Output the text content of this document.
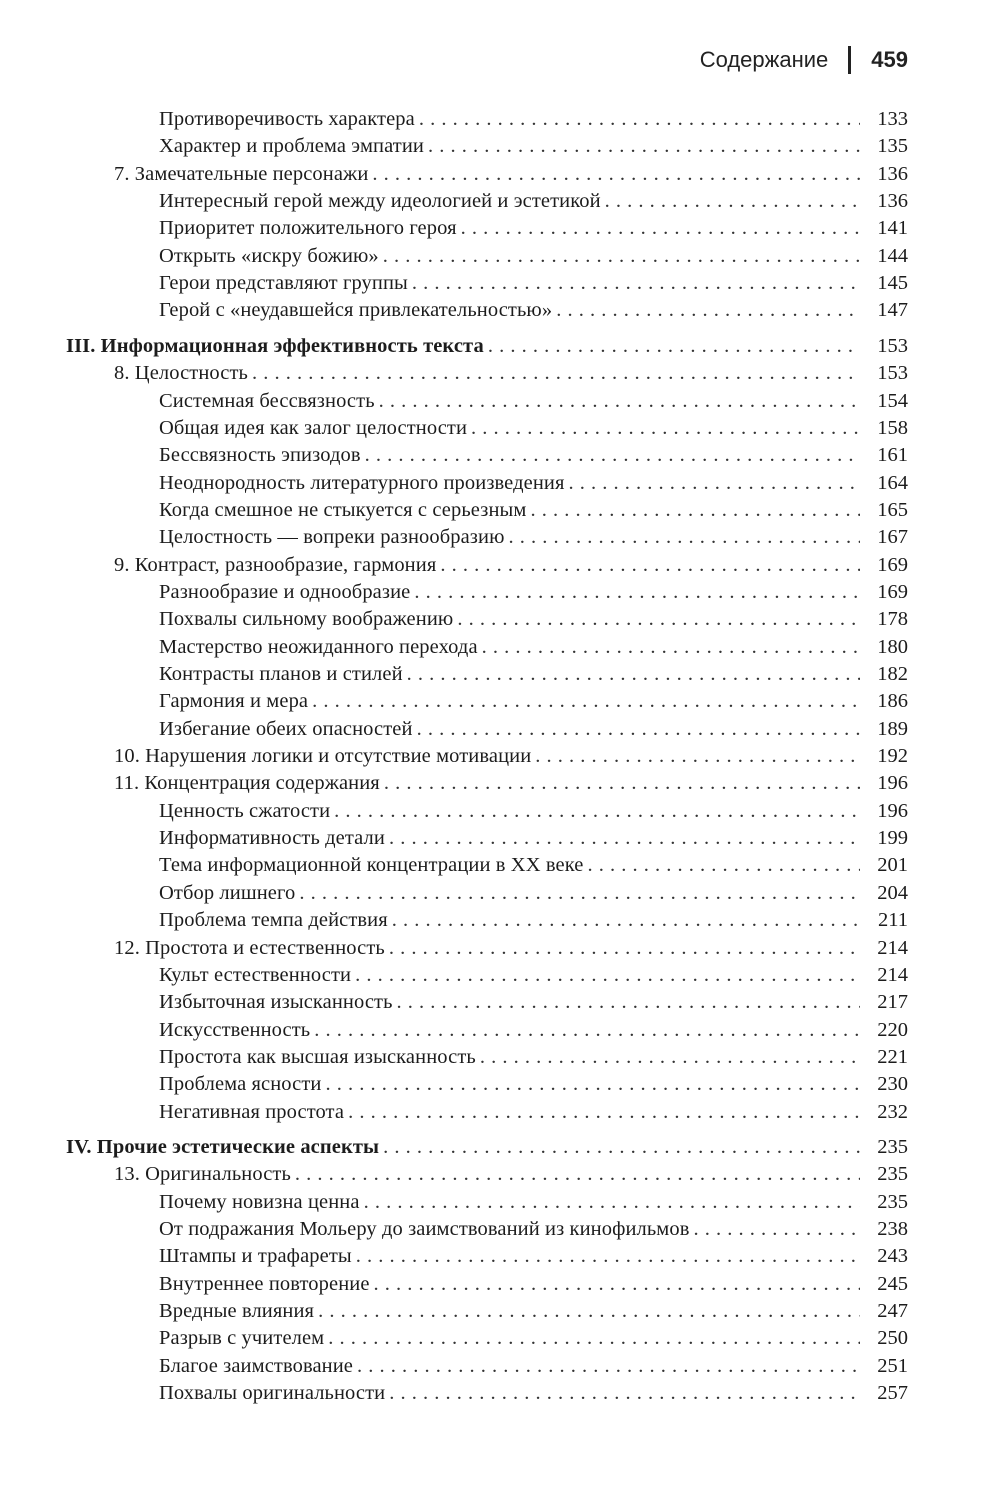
Содержание 459
Противоречивость характера . . .	133
Характер и проблема эмпатии . . .	135
7. Замечательные персонажи . . .	136
Интересный герой между идеологией и эстетикой . . .	136
Приоритет положительного героя . . .	141
Открыть «искру божию» . . .	144
Герои представляют группы . . .	145
Герой с «неудавшейся привлекательностью» . . .	147
III. Информационная эффективность текста . . .	153
8. Целостность . . .	153
Системная бессвязность . . .	154
Общая идея как залог целостности . . .	158
Бессвязность эпизодов . . .	161
Неоднородность литературного произведения . . .	164
Когда смешное не стыкуется с серьезным . . .	165
Целостность — вопреки разнообразию . . .	167
9. Контраст, разнообразие, гармония . . .	169
Разнообразие и однообразие . . .	169
Похвалы сильному воображению . . .	178
Мастерство неожиданного перехода . . .	180
Контрасты планов и стилей . . .	182
Гармония и мера . . .	186
Избегание обеих опасностей . . .	189
10. Нарушения логики и отсутствие мотивации . . .	192
11. Концентрация содержания . . .	196
Ценность сжатости . . .	196
Информативность детали . . .	199
Тема информационной концентрации в XX веке . . .	201
Отбор лишнего . . .	204
Проблема темпа действия . . .	211
12. Простота и естественность . . .	214
Культ естественности . . .	214
Избыточная изысканность . . .	217
Искусственность . . .	220
Простота как высшая изысканность . . .	221
Проблема ясности . . .	230
Негативная простота . . .	232
IV. Прочие эстетические аспекты . . .	235
13. Оригинальность . . .	235
Почему новизна ценна . . .	235
От подражания Мольеру до заимствований из кинофильмов . . .	238
Штампы и трафареты . . .	243
Внутреннее повторение . . .	245
Вредные влияния . . .	247
Разрыв с учителем . . .	250
Благое заимствование . . .	251
Похвалы оригинальности . . .	257
